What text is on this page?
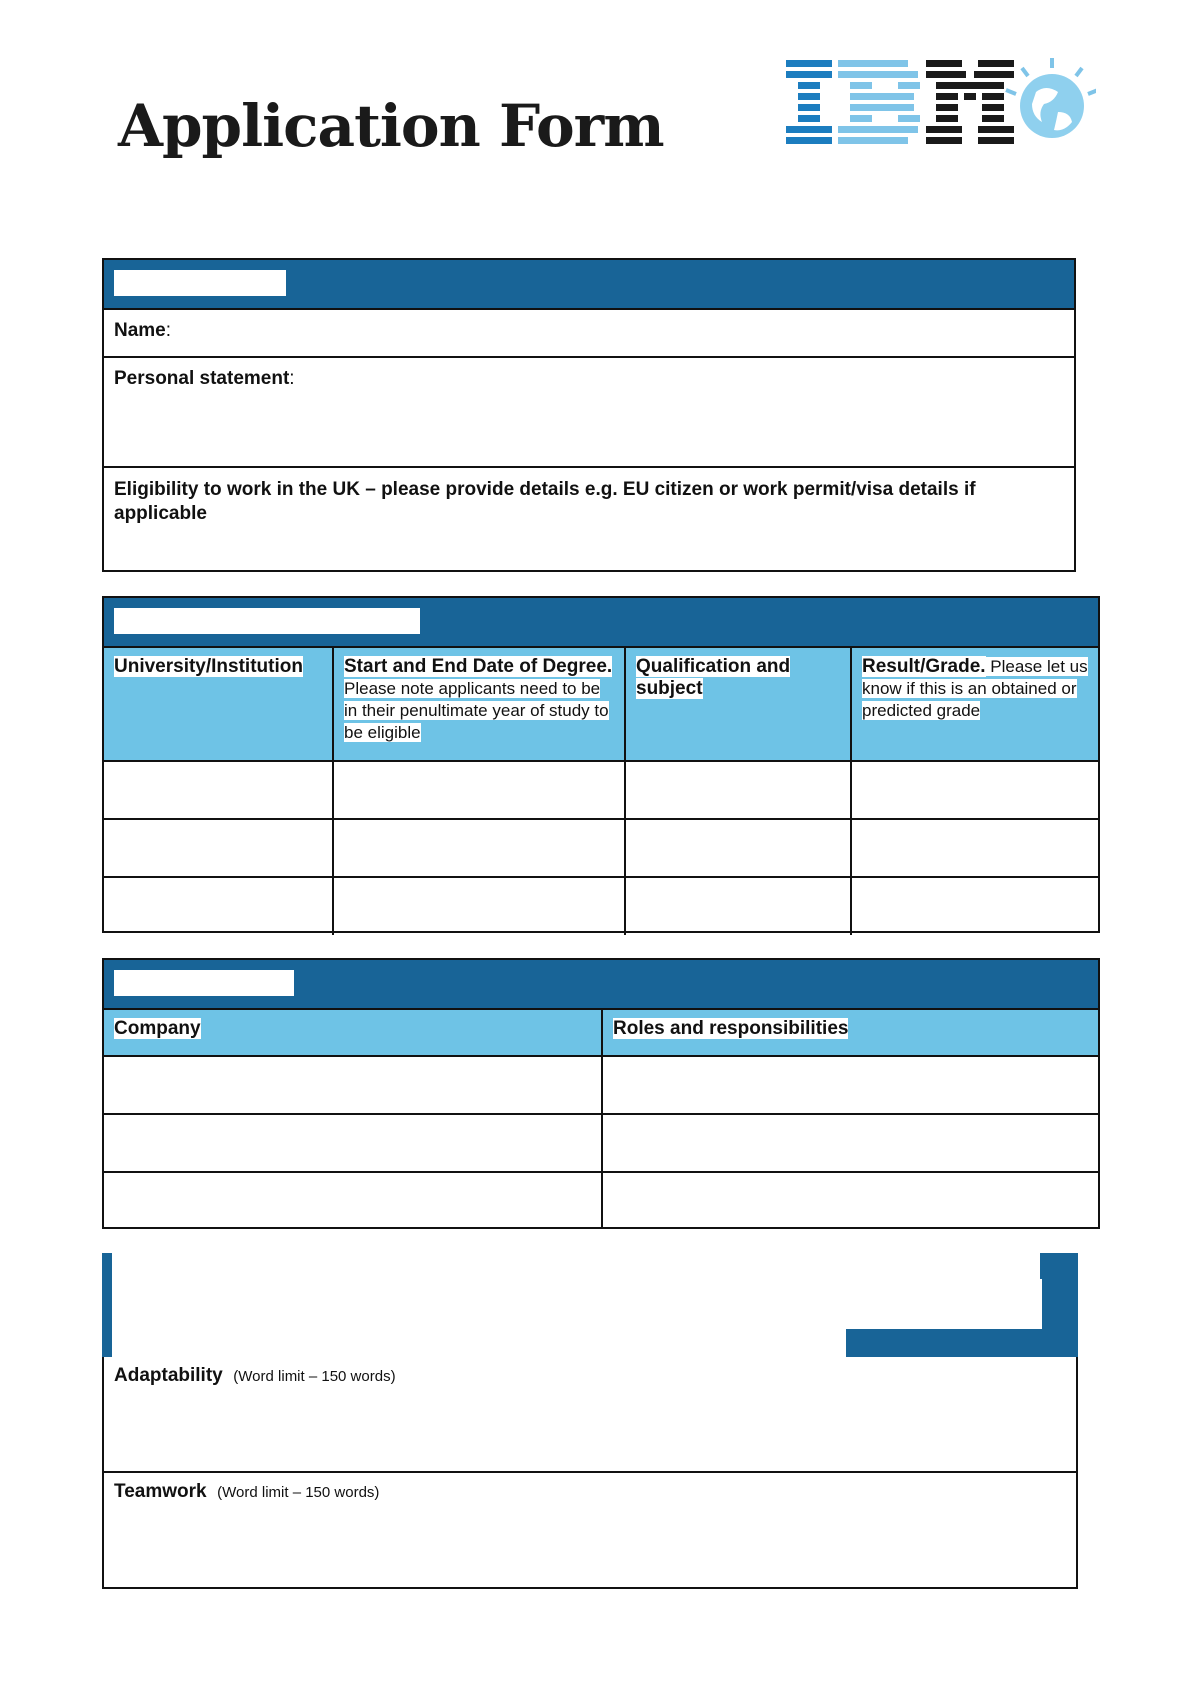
Application Form
Name:
Personal statement:
Eligibility to work in the UK – please provide details e.g. EU citizen or work permit/visa details if applicable
University/Institution	Start and End Date of Degree. Please note applicants need to be in their penultimate year of study to be eligible	Qualification and subject	Result/Grade. Please let us know if this is an obtained or predicted grade

Company	Roles and responsibilities

Adaptability (Word limit – 150 words)
Teamwork (Word limit – 150 words)
